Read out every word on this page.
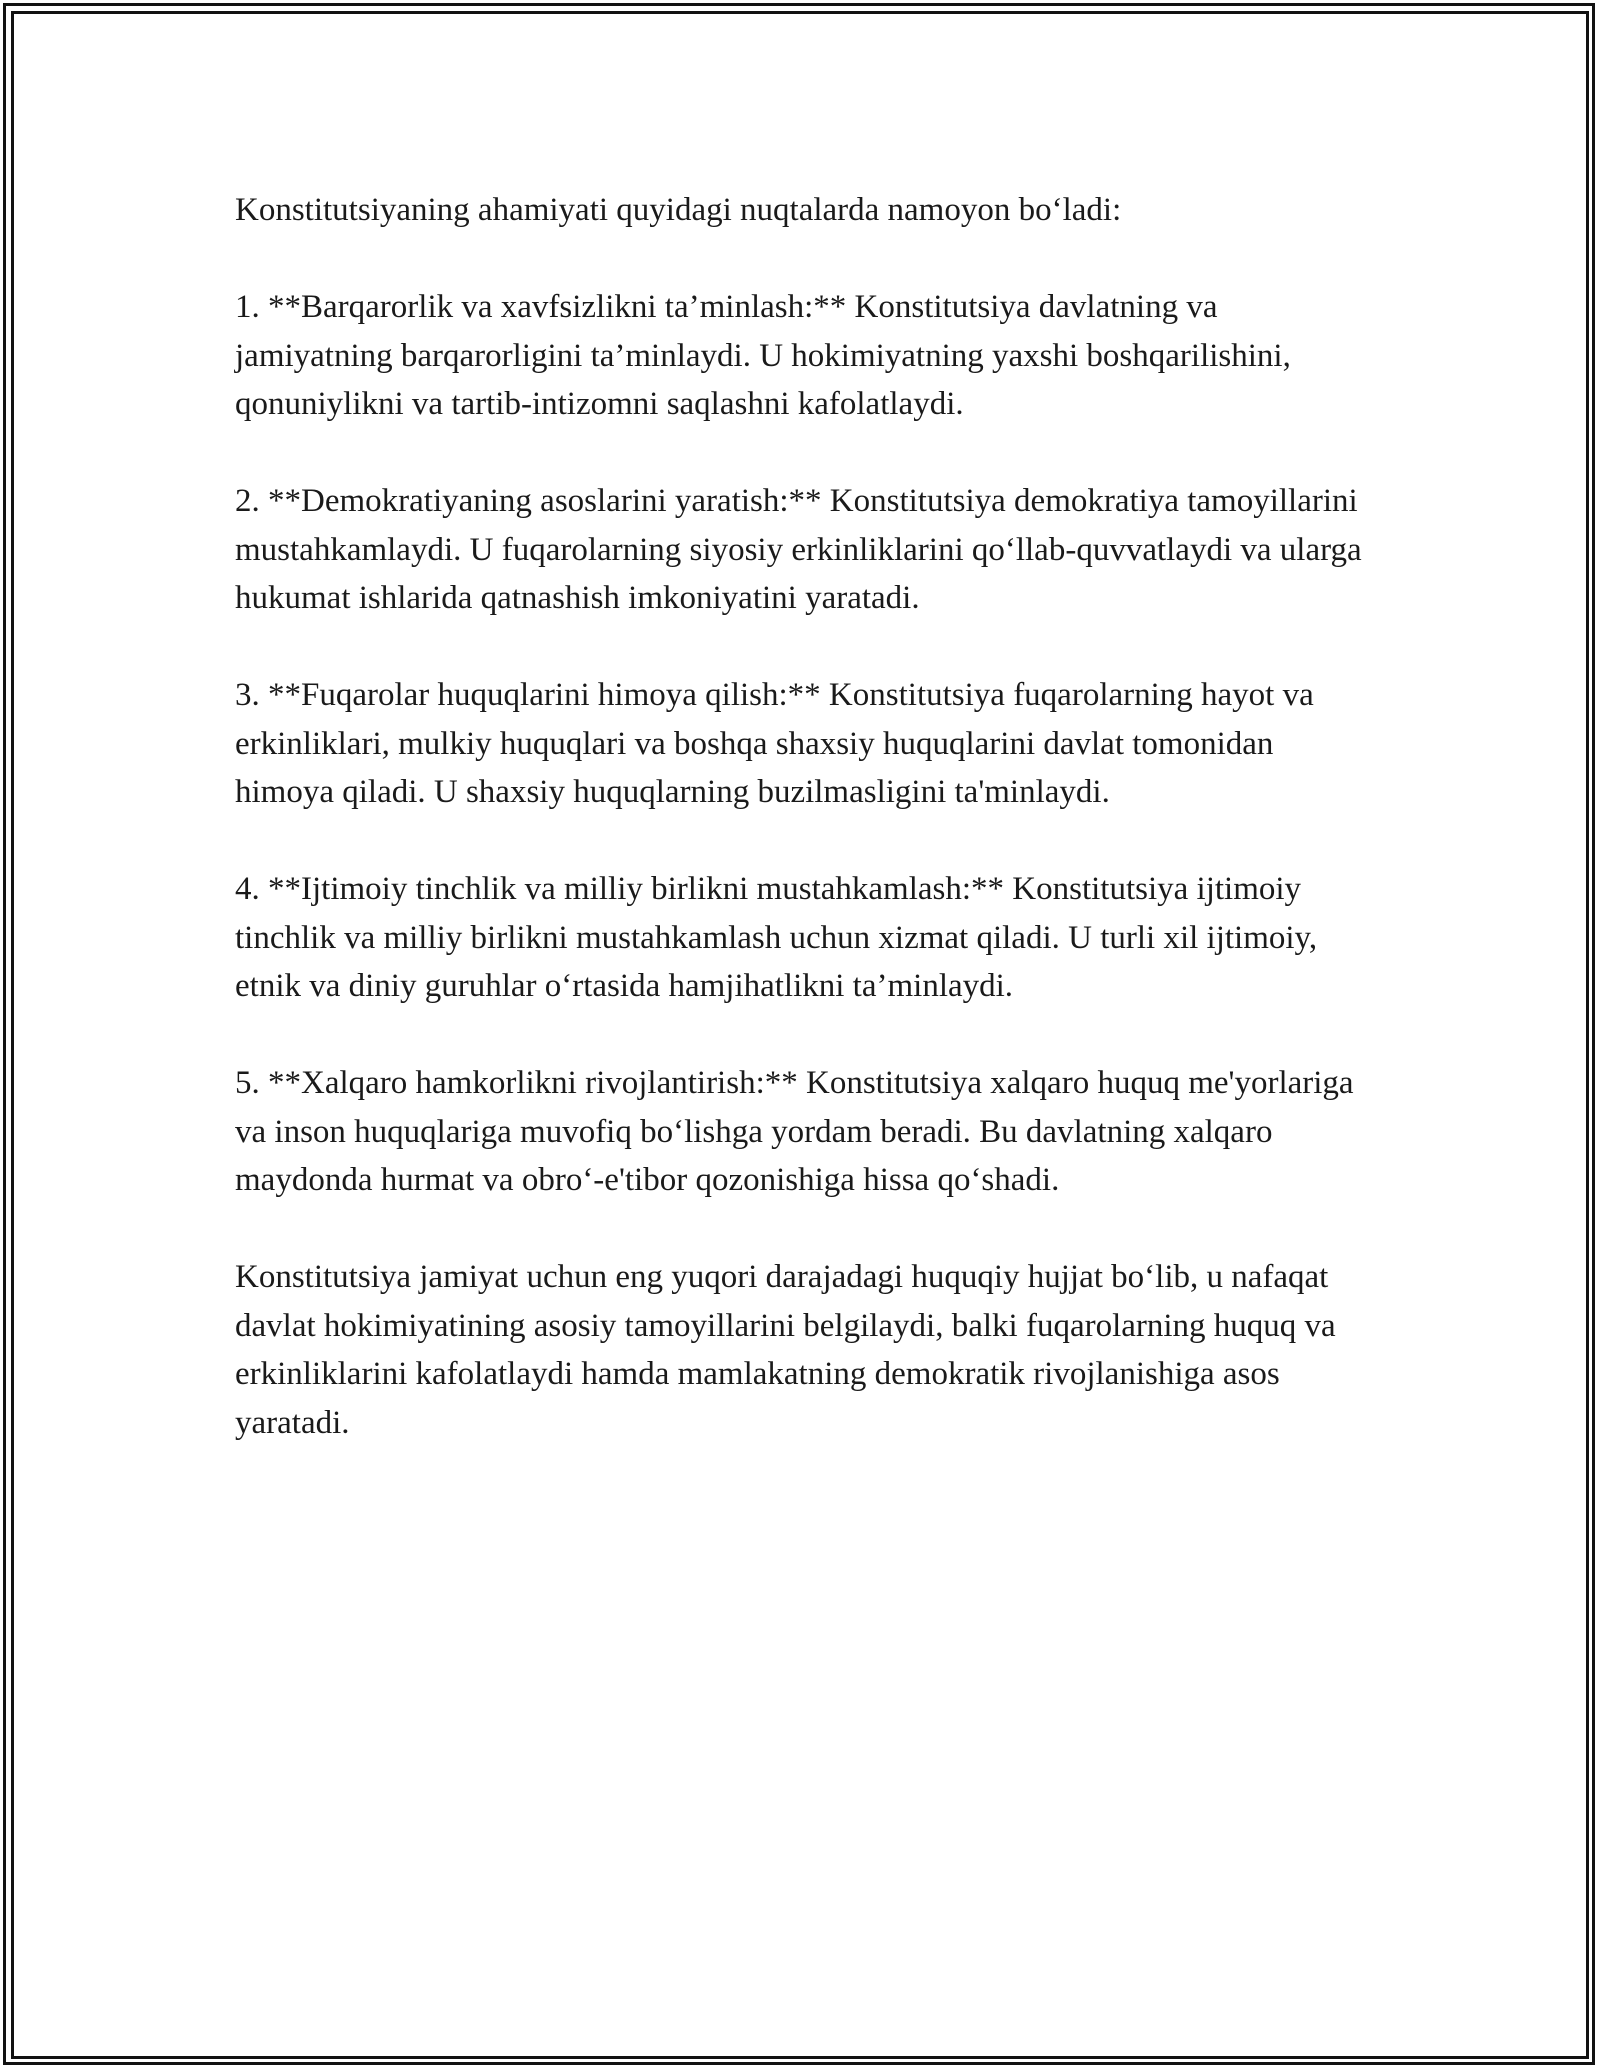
Konstitutsiyaning ahamiyati quyidagi nuqtalarda namoyon bo‘ladi:

1. **Barqarorlik va xavfsizlikni ta’minlash:** Konstitutsiya davlatning va jamiyatning barqarorligini ta’minlaydi. U hokimiyatning yaxshi boshqarilishini, qonuniylikni va tartib-intizomni saqlashni kafolatlaydi.

2. **Demokratiyaning asoslarini yaratish:** Konstitutsiya demokratiya tamoyillarini mustahkamlaydi. U fuqarolarning siyosiy erkinliklarini qo‘llab-quvvatlaydi va ularga hukumat ishlarida qatnashish imkoniyatini yaratadi.

3. **Fuqarolar huquqlarini himoya qilish:** Konstitutsiya fuqarolarning hayot va erkinliklari, mulkiy huquqlari va boshqa shaxsiy huquqlarini davlat tomonidan himoya qiladi. U shaxsiy huquqlarning buzilmasligini ta'minlaydi.

4. **Ijtimoiy tinchlik va milliy birlikni mustahkamlash:** Konstitutsiya ijtimoiy tinchlik va milliy birlikni mustahkamlash uchun xizmat qiladi. U turli xil ijtimoiy, etnik va diniy guruhlar o‘rtasida hamjihatlikni ta’minlaydi.

5. **Xalqaro hamkorlikni rivojlantirish:** Konstitutsiya xalqaro huquq me'yorlariga va inson huquqlariga muvofiq bo‘lishga yordam beradi. Bu davlatning xalqaro maydonda hurmat va obro‘-e'tibor qozonishiga hissa qo‘shadi.

Konstitutsiya jamiyat uchun eng yuqori darajadagi huquqiy hujjat bo‘lib, u nafaqat davlat hokimiyatining asosiy tamoyillarini belgilaydi, balki fuqarolarning huquq va erkinliklarini kafolatlaydi hamda mamlakatning demokratik rivojlanishiga asos yaratadi.
